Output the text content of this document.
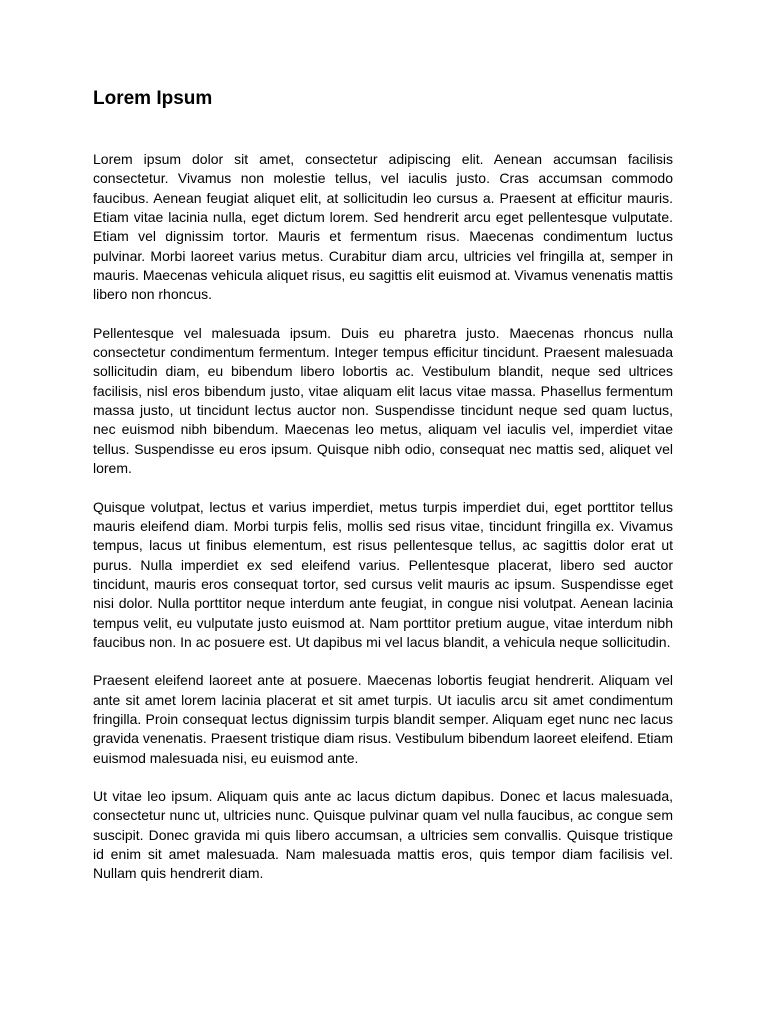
Lorem Ipsum

Lorem ipsum dolor sit amet, consectetur adipiscing elit. Aenean accumsan facilisis consectetur. Vivamus non molestie tellus, vel iaculis justo. Cras accumsan commodo faucibus. Aenean feugiat aliquet elit, at sollicitudin leo cursus a. Praesent at efficitur mauris. Etiam vitae lacinia nulla, eget dictum lorem. Sed hendrerit arcu eget pellentesque vulputate. Etiam vel dignissim tortor. Mauris et fermentum risus. Maecenas condimentum luctus pulvinar. Morbi laoreet varius metus. Curabitur diam arcu, ultricies vel fringilla at, semper in mauris. Maecenas vehicula aliquet risus, eu sagittis elit euismod at. Vivamus venenatis mattis libero non rhoncus.

Pellentesque vel malesuada ipsum. Duis eu pharetra justo. Maecenas rhoncus nulla consectetur condimentum fermentum. Integer tempus efficitur tincidunt. Praesent malesuada sollicitudin diam, eu bibendum libero lobortis ac. Vestibulum blandit, neque sed ultrices facilisis, nisl eros bibendum justo, vitae aliquam elit lacus vitae massa. Phasellus fermentum massa justo, ut tincidunt lectus auctor non. Suspendisse tincidunt neque sed quam luctus, nec euismod nibh bibendum. Maecenas leo metus, aliquam vel iaculis vel, imperdiet vitae tellus. Suspendisse eu eros ipsum. Quisque nibh odio, consequat nec mattis sed, aliquet vel lorem.

Quisque volutpat, lectus et varius imperdiet, metus turpis imperdiet dui, eget porttitor tellus mauris eleifend diam. Morbi turpis felis, mollis sed risus vitae, tincidunt fringilla ex. Vivamus tempus, lacus ut finibus elementum, est risus pellentesque tellus, ac sagittis dolor erat ut purus. Nulla imperdiet ex sed eleifend varius. Pellentesque placerat, libero sed auctor tincidunt, mauris eros consequat tortor, sed cursus velit mauris ac ipsum. Suspendisse eget nisi dolor. Nulla porttitor neque interdum ante feugiat, in congue nisi volutpat. Aenean lacinia tempus velit, eu vulputate justo euismod at. Nam porttitor pretium augue, vitae interdum nibh faucibus non. In ac posuere est. Ut dapibus mi vel lacus blandit, a vehicula neque sollicitudin.

Praesent eleifend laoreet ante at posuere. Maecenas lobortis feugiat hendrerit. Aliquam vel ante sit amet lorem lacinia placerat et sit amet turpis. Ut iaculis arcu sit amet condimentum fringilla. Proin consequat lectus dignissim turpis blandit semper. Aliquam eget nunc nec lacus gravida venenatis. Praesent tristique diam risus. Vestibulum bibendum laoreet eleifend. Etiam euismod malesuada nisi, eu euismod ante.

Ut vitae leo ipsum. Aliquam quis ante ac lacus dictum dapibus. Donec et lacus malesuada, consectetur nunc ut, ultricies nunc. Quisque pulvinar quam vel nulla faucibus, ac congue sem suscipit. Donec gravida mi quis libero accumsan, a ultricies sem convallis. Quisque tristique id enim sit amet malesuada. Nam malesuada mattis eros, quis tempor diam facilisis vel. Nullam quis hendrerit diam.
